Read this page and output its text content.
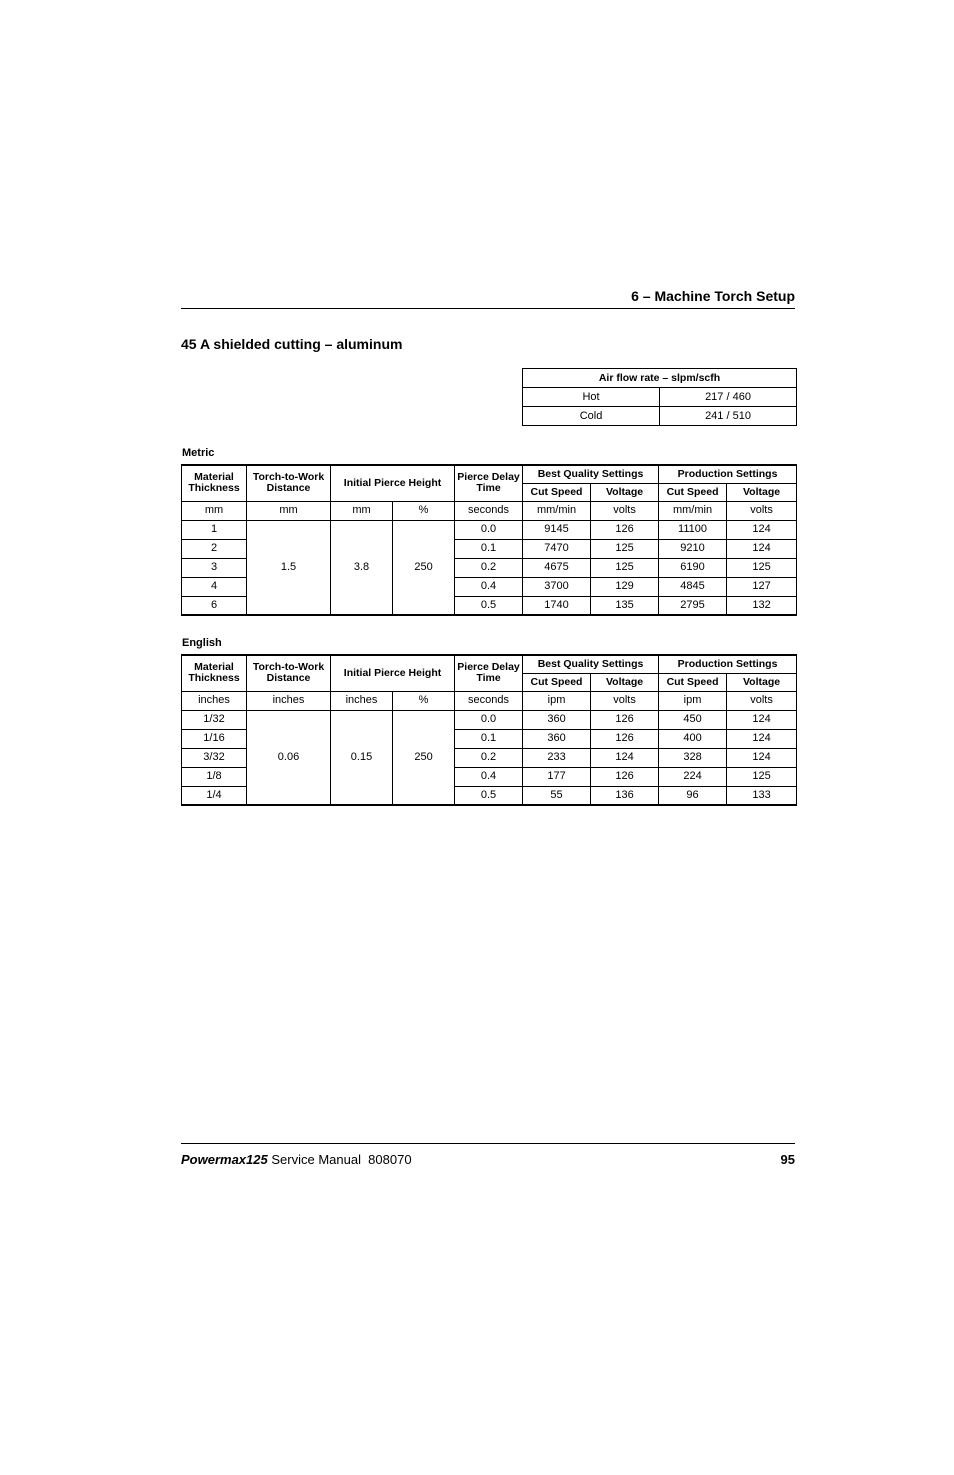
6 – Machine Torch Setup
45 A shielded cutting – aluminum
Air flow rate – slpm/scfh	
Hot	217 / 460
Cold	241 / 510
Metric
Material Thickness	Torch-to-Work Distance	Initial Pierce Height		Pierce Delay Time	Best Quality Settings		Production Settings	
					Cut Speed	Voltage	Cut Speed	Voltage
mm	mm	mm	%	seconds	mm/min	volts	mm/min	volts
1	1.5	3.8	250	0.0	9145	126	11100	124
2				0.1	7470	125	9210	124
3				0.2	4675	125	6190	125
4				0.4	3700	129	4845	127
6				0.5	1740	135	2795	132
English
Material Thickness	Torch-to-Work Distance	Initial Pierce Height		Pierce Delay Time	Best Quality Settings		Production Settings	
					Cut Speed	Voltage	Cut Speed	Voltage
inches	inches	inches	%	seconds	ipm	volts	ipm	volts
1/32	0.06	0.15	250	0.0	360	126	450	124
1/16				0.1	360	126	400	124
3/32				0.2	233	124	328	124
1/8				0.4	177	126	224	125
1/4				0.5	55	136	96	133
Powermax125 Service Manual  808070	95
